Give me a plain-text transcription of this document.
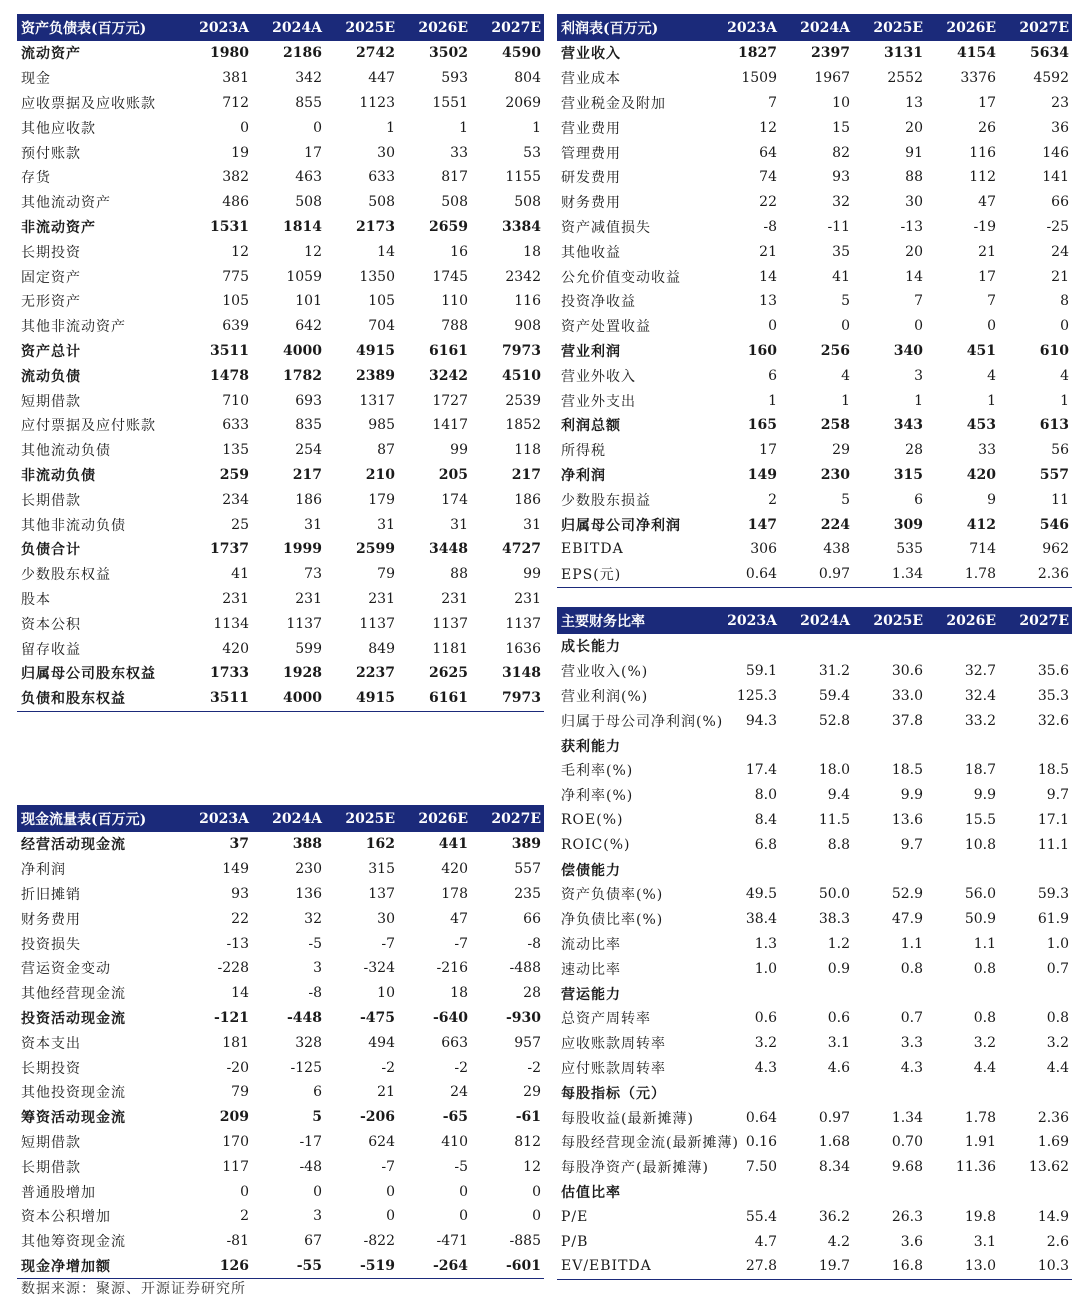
资产负债表(百万元)	2023A	2024A	2025E	2026E	2027E
流动资产	1980	2186	2742	3502	4590
现金	381	342	447	593	804
应收票据及应收账款	712	855	1123	1551	2069
其他应收款	0	0	1	1	1
预付账款	19	17	30	33	53
存货	382	463	633	817	1155
其他流动资产	486	508	508	508	508
非流动资产	1531	1814	2173	2659	3384
长期投资	12	12	14	16	18
固定资产	775	1059	1350	1745	2342
无形资产	105	101	105	110	116
其他非流动资产	639	642	704	788	908
资产总计	3511	4000	4915	6161	7973
流动负债	1478	1782	2389	3242	4510
短期借款	710	693	1317	1727	2539
应付票据及应付账款	633	835	985	1417	1852
其他流动负债	135	254	87	99	118
非流动负债	259	217	210	205	217
长期借款	234	186	179	174	186
其他非流动负债	25	31	31	31	31
负债合计	1737	1999	2599	3448	4727
少数股东权益	41	73	79	88	99
股本	231	231	231	231	231
资本公积	1134	1137	1137	1137	1137
留存收益	420	599	849	1181	1636
归属母公司股东权益	1733	1928	2237	2625	3148
负债和股东权益	3511	4000	4915	6161	7973
利润表(百万元)	2023A	2024A	2025E	2026E	2027E
营业收入	1827	2397	3131	4154	5634
营业成本	1509	1967	2552	3376	4592
营业税金及附加	7	10	13	17	23
营业费用	12	15	20	26	36
管理费用	64	82	91	116	146
研发费用	74	93	88	112	141
财务费用	22	32	30	47	66
资产减值损失	-8	-11	-13	-19	-25
其他收益	21	35	20	21	24
公允价值变动收益	14	41	14	17	21
投资净收益	13	5	7	7	8
资产处置收益	0	0	0	0	0
营业利润	160	256	340	451	610
营业外收入	6	4	3	4	4
营业外支出	1	1	1	1	1
利润总额	165	258	343	453	613
所得税	17	29	28	33	56
净利润	149	230	315	420	557
少数股东损益	2	5	6	9	11
归属母公司净利润	147	224	309	412	546
EBITDA	306	438	535	714	962
EPS(元)	0.64	0.97	1.34	1.78	2.36
现金流量表(百万元)	2023A	2024A	2025E	2026E	2027E
经营活动现金流	37	388	162	441	389
净利润	149	230	315	420	557
折旧摊销	93	136	137	178	235
财务费用	22	32	30	47	66
投资损失	-13	-5	-7	-7	-8
营运资金变动	-228	3	-324	-216	-488
其他经营现金流	14	-8	10	18	28
投资活动现金流	-121	-448	-475	-640	-930
资本支出	181	328	494	663	957
长期投资	-20	-125	-2	-2	-2
其他投资现金流	79	6	21	24	29
筹资活动现金流	209	5	-206	-65	-61
短期借款	170	-17	624	410	812
长期借款	117	-48	-7	-5	12
普通股增加	0	0	0	0	0
资本公积增加	2	3	0	0	0
其他筹资现金流	-81	67	-822	-471	-885
现金净增加额	126	-55	-519	-264	-601
主要财务比率	2023A	2024A	2025E	2026E	2027E
成长能力					
营业收入(%)	59.1	31.2	30.6	32.7	35.6
营业利润(%)	125.3	59.4	33.0	32.4	35.3
归属于母公司净利润(%)	94.3	52.8	37.8	33.2	32.6
获利能力					
毛利率(%)	17.4	18.0	18.5	18.7	18.5
净利率(%)	8.0	9.4	9.9	9.9	9.7
ROE(%)	8.4	11.5	13.6	15.5	17.1
ROIC(%)	6.8	8.8	9.7	10.8	11.1
偿债能力					
资产负债率(%)	49.5	50.0	52.9	56.0	59.3
净负债比率(%)	38.4	38.3	47.9	50.9	61.9
流动比率	1.3	1.2	1.1	1.1	1.0
速动比率	1.0	0.9	0.8	0.8	0.7
营运能力					
总资产周转率	0.6	0.6	0.7	0.8	0.8
应收账款周转率	3.2	3.1	3.3	3.2	3.2
应付账款周转率	4.3	4.6	4.3	4.4	4.4
每股指标（元）					
每股收益(最新摊薄)	0.64	0.97	1.34	1.78	2.36
每股经营现金流(最新摊薄)	0.16	1.68	0.70	1.91	1.69
每股净资产(最新摊薄)	7.50	8.34	9.68	11.36	13.62
估值比率					
P/E	55.4	36.2	26.3	19.8	14.9
P/B	4.7	4.2	3.6	3.1	2.6
EV/EBITDA	27.8	19.7	16.8	13.0	10.3
数据来源：聚源、开源证券研究所
